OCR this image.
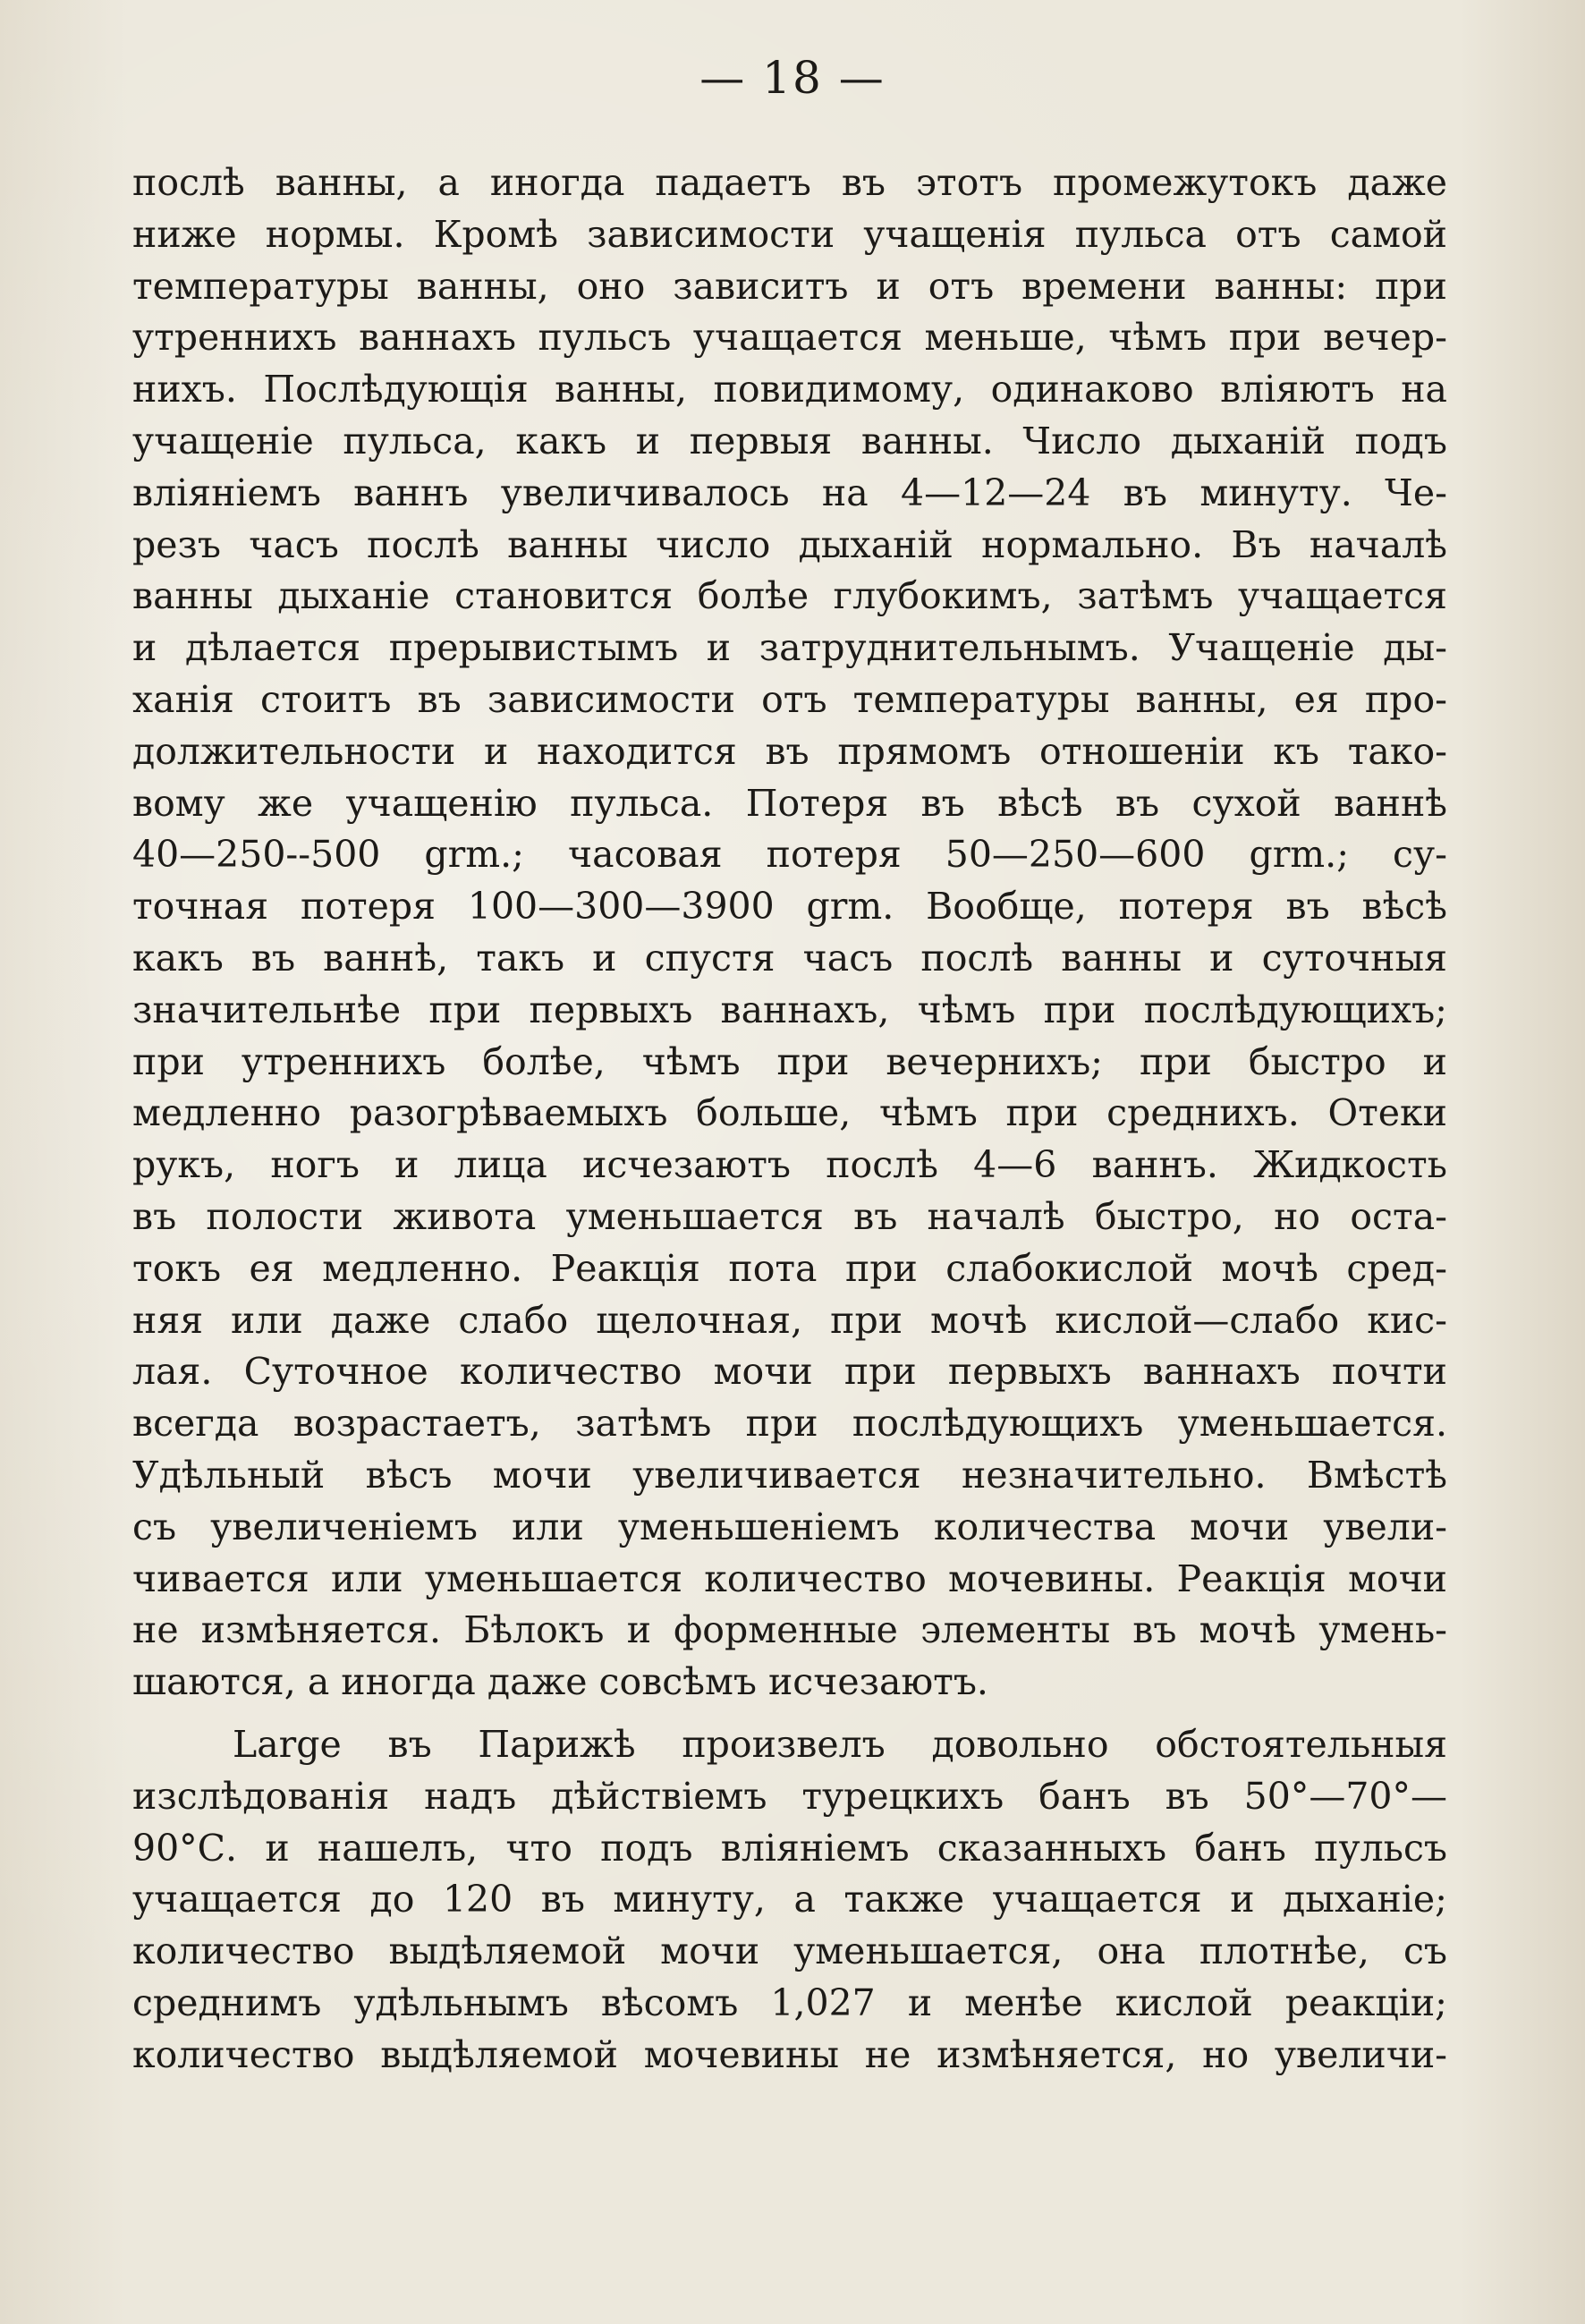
— 18 —
послѣ ванны, а иногда падаетъ въ этотъ промежутокъ даже
ниже нормы. Кромѣ зависимости учащенія пульса отъ самой
температуры ванны, оно зависитъ и отъ времени ванны: при
утреннихъ ваннахъ пульсъ учащается меньше, чѣмъ при вечер-
нихъ. Послѣдующія ванны, повидимому, одинаково вліяютъ на
учащеніе пульса, какъ и первыя ванны. Число дыханій подъ
вліяніемъ ваннъ увеличивалось на 4—12—24 въ минуту. Че-
резъ часъ послѣ ванны число дыханій нормально. Въ началѣ
ванны дыханіе становится болѣе глубокимъ, затѣмъ учащается
и дѣлается прерывистымъ и затруднительнымъ. Учащеніе ды-
ханія стоитъ въ зависимости отъ температуры ванны, ея про-
должительности и находится въ прямомъ отношеніи къ тако-
вому же учащенію пульса. Потеря въ вѣсѣ въ сухой ваннѣ
40—250--500 grm.; часовая потеря 50—250—600 grm.; су-
точная потеря 100—300—3900 grm. Вообще, потеря въ вѣсѣ
какъ въ ваннѣ, такъ и спустя часъ послѣ ванны и суточныя
значительнѣе при первыхъ ваннахъ, чѣмъ при послѣдующихъ;
при утреннихъ болѣе, чѣмъ при вечернихъ; при быстро и
медленно разогрѣваемыхъ больше, чѣмъ при среднихъ. Отеки
рукъ, ногъ и лица исчезаютъ послѣ 4—6 ваннъ. Жидкость
въ полости живота уменьшается въ началѣ быстро, но оста-
токъ ея медленно. Реакція пота при слабокислой мочѣ сред-
няя или даже слабо щелочная, при мочѣ кислой—слабо кис-
лая. Суточное количество мочи при первыхъ ваннахъ почти
всегда возрастаетъ, затѣмъ при послѣдующихъ уменьшается.
Удѣльный вѣсъ мочи увеличивается незначительно. Вмѣстѣ
съ увеличеніемъ или уменьшеніемъ количества мочи увели-
чивается или уменьшается количество мочевины. Реакція мочи
не измѣняется. Бѣлокъ и форменные элементы въ мочѣ умень-
шаются, а иногда даже совсѣмъ исчезаютъ.
Large въ Парижѣ произвелъ довольно обстоятельныя
изслѣдованія надъ дѣйствіемъ турецкихъ банъ въ 50°—70°—
90°С. и нашелъ, что подъ вліяніемъ сказанныхъ банъ пульсъ
учащается до 120 въ минуту, а также учащается и дыханіе;
количество выдѣляемой мочи уменьшается, она плотнѣе, съ
среднимъ удѣльнымъ вѣсомъ 1,027 и менѣе кислой реакціи;
количество выдѣляемой мочевины не измѣняется, но увеличи-
